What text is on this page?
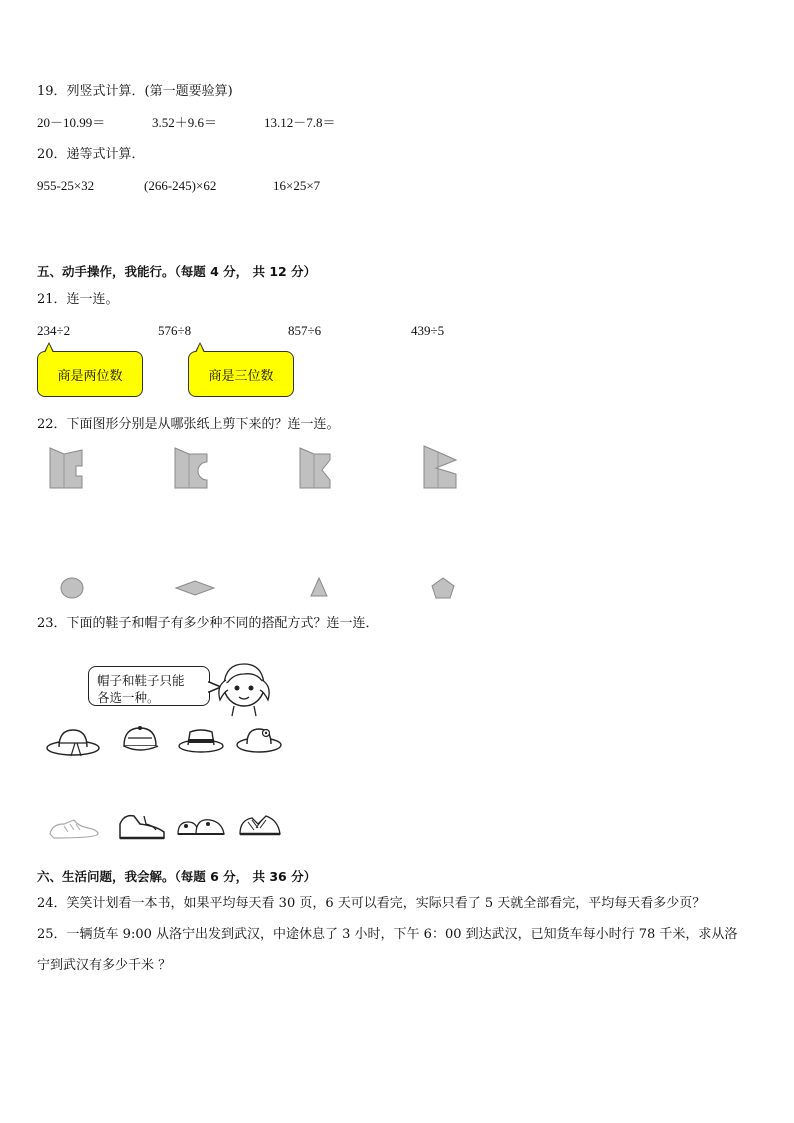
19．列竖式计算．(第一题要验算)
20－10.99＝	3.52＋9.6＝	13.12－7.8＝
20．递等式计算．
955-25×32	(266-245)×62	16×25×7
五、动手操作，我能行。（每题 4 分， 共 12 分）
21．连一连。
234÷2	576÷8	857÷6	439÷5
商是两位数	商是三位数
22．下面图形分别是从哪张纸上剪下来的？连一连。
23．下面的鞋子和帽子有多少种不同的搭配方式？连一连．
帽子和鞋子只能
各选一种。
六、生活问题，我会解。（每题 6 分， 共 36 分）
24．笑笑计划看一本书，如果平均每天看 30 页，6 天可以看完，实际只看了 5 天就全部看完，平均每天看多少页？
25．一辆货车 9:00 从洛宁出发到武汉，中途休息了 3 小时，下午 6：00 到达武汉，已知货车每小时行 78 千米，求从洛
宁到武汉有多少千米 ？
